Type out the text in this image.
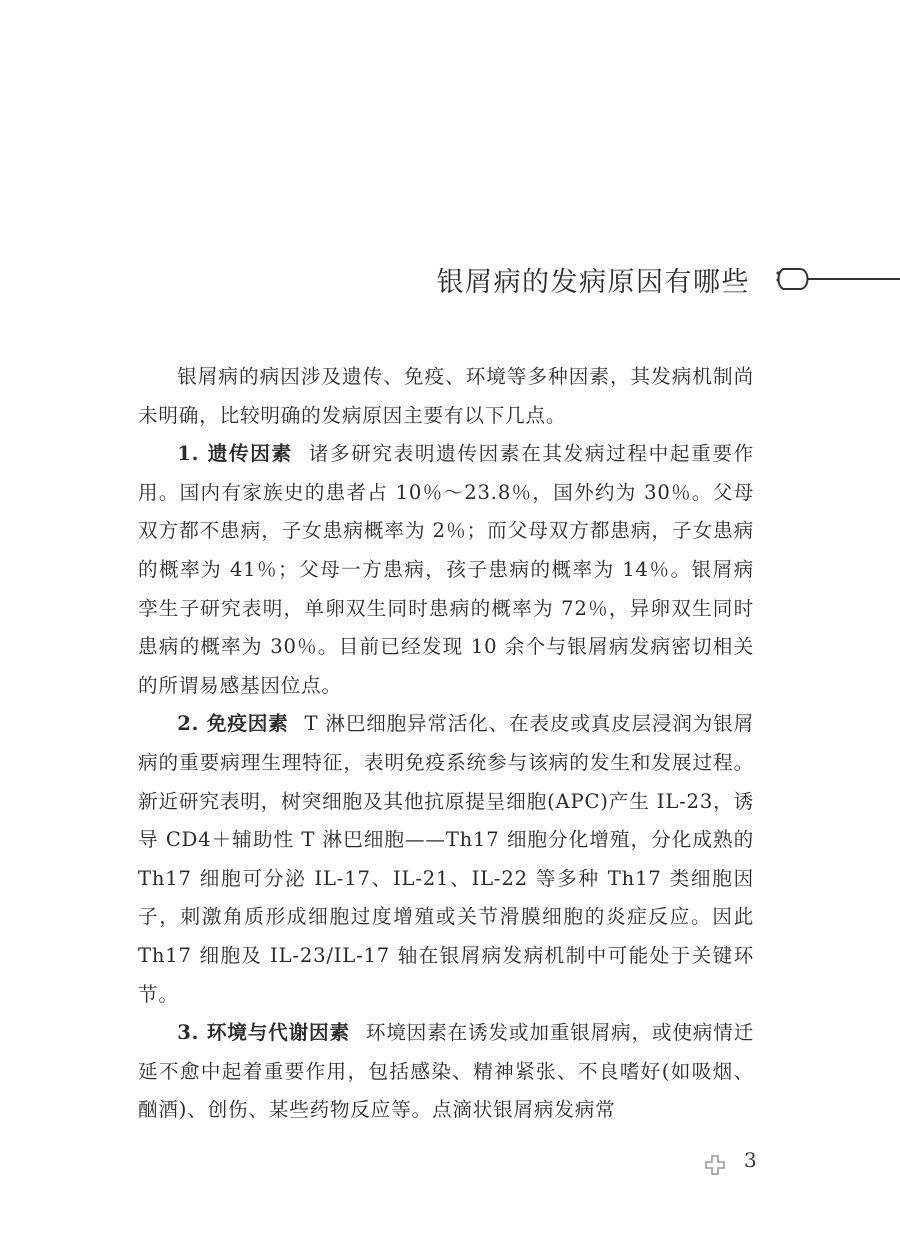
银屑病的发病原因有哪些

银屑病的病因涉及遗传、免疫、环境等多种因素，其发病机制尚未明确，比较明确的发病原因主要有以下几点。

1. 遗传因素 诸多研究表明遗传因素在其发病过程中起重要作用。国内有家族史的患者占 10％～23.8％，国外约为 30％。父母双方都不患病，子女患病概率为 2％；而父母双方都患病，子女患病的概率为 41％；父母一方患病，孩子患病的概率为 14％。银屑病孪生子研究表明，单卵双生同时患病的概率为 72％，异卵双生同时患病的概率为 30％。目前已经发现 10 余个与银屑病发病密切相关的所谓易感基因位点。

2. 免疫因素 T 淋巴细胞异常活化、在表皮或真皮层浸润为银屑病的重要病理生理特征，表明免疫系统参与该病的发生和发展过程。新近研究表明，树突细胞及其他抗原提呈细胞(APC)产生 IL-23，诱导 CD4＋辅助性 T 淋巴细胞——Th17 细胞分化增殖，分化成熟的 Th17 细胞可分泌 IL-17、IL-21、IL-22 等多种 Th17 类细胞因子，刺激角质形成细胞过度增殖或关节滑膜细胞的炎症反应。因此 Th17 细胞及 IL-23/IL-17 轴在银屑病发病机制中可能处于关键环节。

3. 环境与代谢因素 环境因素在诱发或加重银屑病，或使病情迁延不愈中起着重要作用，包括感染、精神紧张、不良嗜好(如吸烟、酗酒)、创伤、某些药物反应等。点滴状银屑病发病常

3
